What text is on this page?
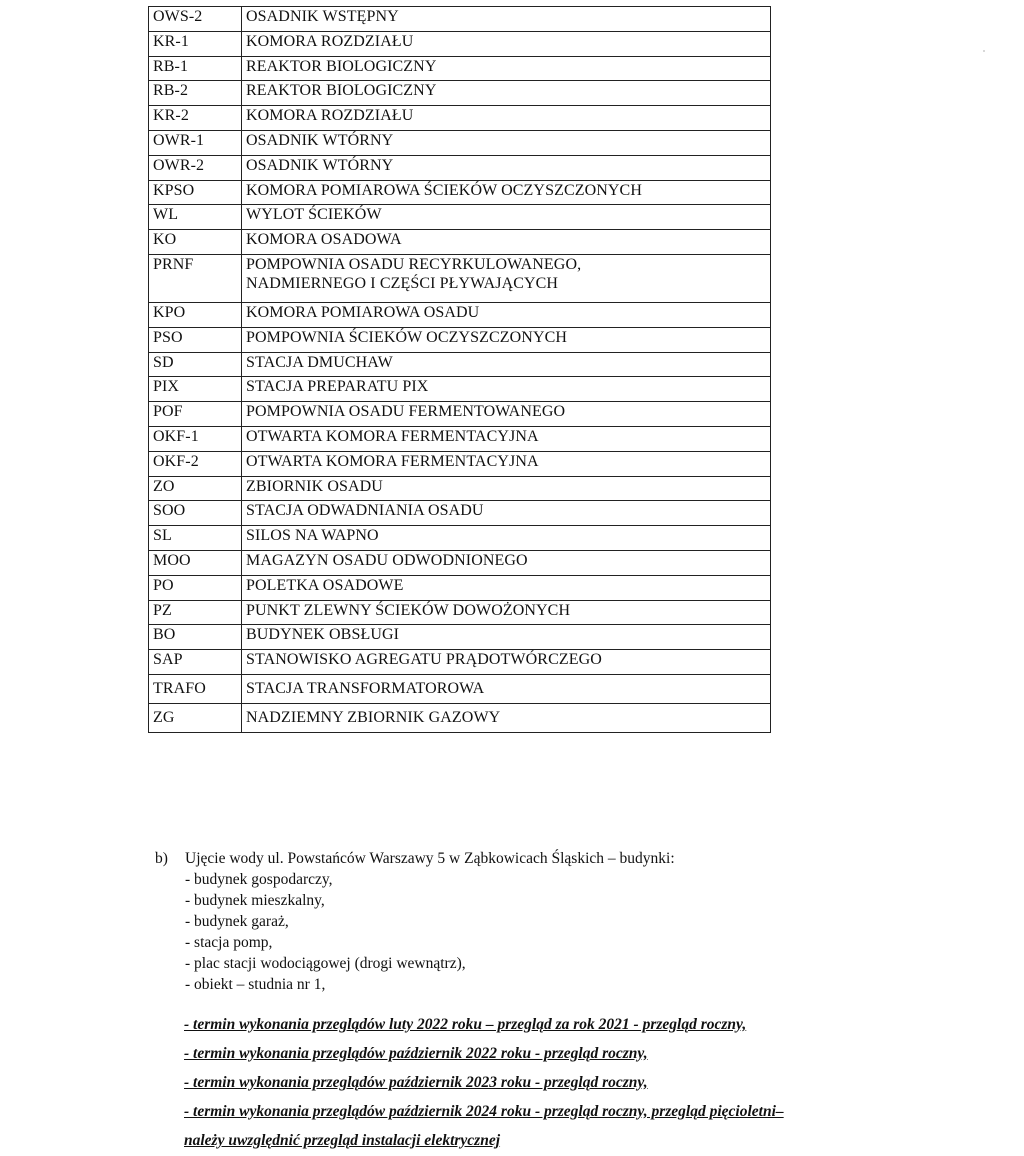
OWS-2	OSADNIK WSTĘPNY

KR-1	KOMORA ROZDZIAŁU

RB-1	REAKTOR BIOLOGICZNY

RB-2	REAKTOR BIOLOGICZNY

KR-2	KOMORA ROZDZIAŁU

OWR-1	OSADNIK WTÓRNY

OWR-2	OSADNIK WTÓRNY

KPSO	KOMORA POMIAROWA ŚCIEKÓW OCZYSZCZONYCH

WL	WYLOT ŚCIEKÓW

KO	KOMORA OSADOWA

PRNF	POMPOWNIA OSADU RECYRKULOWANEGO,
NADMIERNEGO I CZĘŚCI PŁYWAJĄCYCH

KPO	KOMORA POMIAROWA OSADU

PSO	POMPOWNIA ŚCIEKÓW OCZYSZCZONYCH

SD	STACJA DMUCHAW

PIX	STACJA PREPARATU PIX

POF	POMPOWNIA OSADU FERMENTOWANEGO

OKF-1	OTWARTA KOMORA FERMENTACYJNA

OKF-2	OTWARTA KOMORA FERMENTACYJNA

ZO	ZBIORNIK OSADU

SOO	STACJA ODWADNIANIA OSADU

SL	SILOS NA WAPNO

MOO	MAGAZYN OSADU ODWODNIONEGO

PO	POLETKA OSADOWE

PZ	PUNKT ZLEWNY ŚCIEKÓW DOWOŻONYCH

BO	BUDYNEK OBSŁUGI

SAP	STANOWISKO AGREGATU PRĄDOTWÓRCZEGO

TRAFO	STACJA TRANSFORMATOROWA

ZG	NADZIEMNY ZBIORNIK GAZOWY
b) Ujęcie wody ul. Powstańców Warszawy 5 w Ząbkowicach Śląskich – budynki:
- budynek gospodarczy,
- budynek mieszkalny,
- budynek garaż,
- stacja pomp,
- plac stacji wodociągowej (drogi wewnątrz),
- obiekt – studnia nr 1,
- termin wykonania przeglądów luty 2022 roku – przegląd za rok 2021 - przegląd roczny,
- termin wykonania przeglądów październik 2022 roku - przegląd roczny,
- termin wykonania przeglądów październik 2023 roku - przegląd roczny,
- termin wykonania przeglądów październik 2024 roku - przegląd roczny, przegląd pięcioletni–
należy uwzględnić przegląd instalacji elektrycznej
